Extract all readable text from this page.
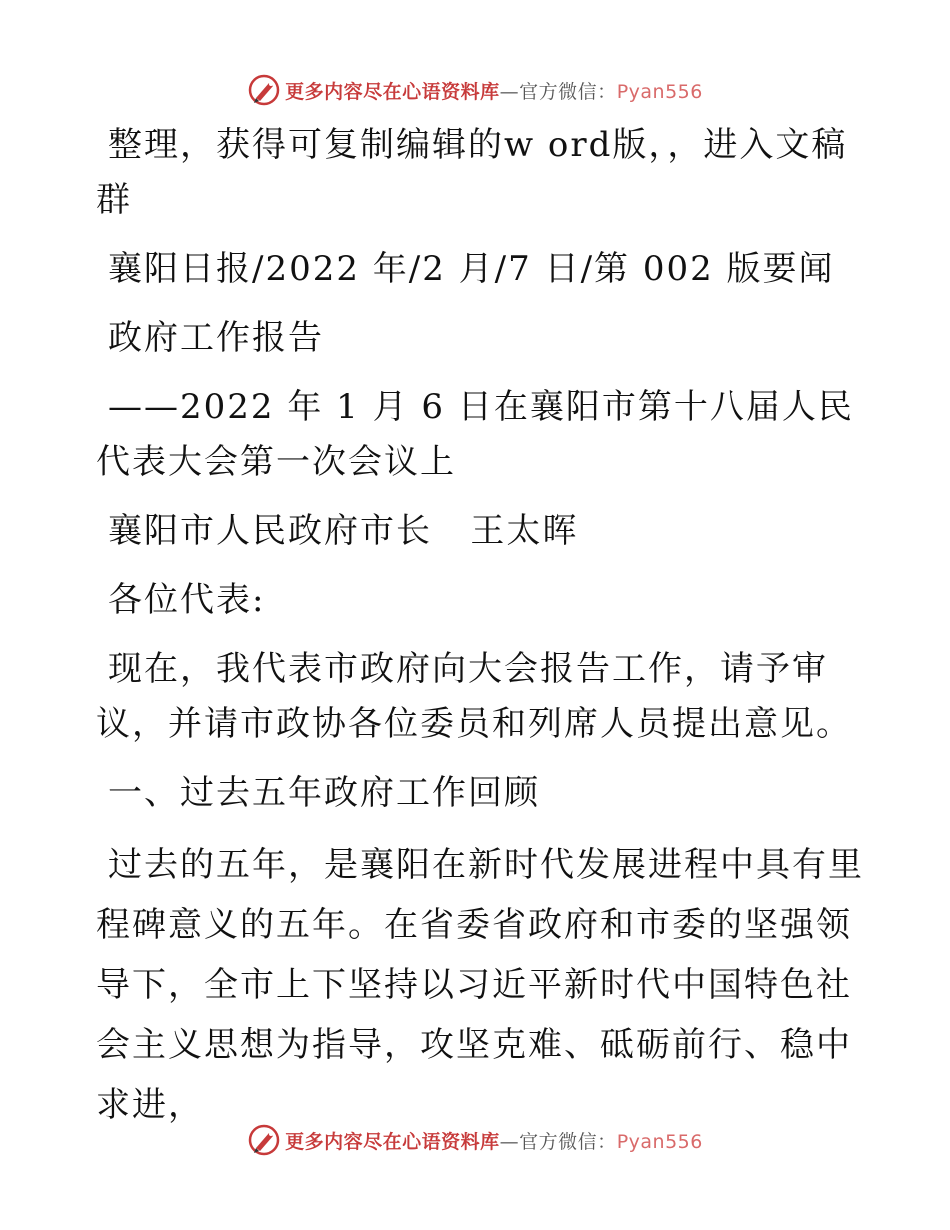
更多内容尽在心语资料库—官方微信：Pyan556

整理，获得可复制编辑的w ord版，，进入文稿群

襄阳日报/2022 年/2 月/7 日/第 002 版要闻

政府工作报告

——2022 年 1 月 6 日在襄阳市第十八届人民代表大会第一次会议上

襄阳市人民政府市长   王太晖

各位代表:

现在，我代表市政府向大会报告工作，请予审议，并请市政协各位委员和列席人员提出意见。

一、过去五年政府工作回顾

过去的五年，是襄阳在新时代发展进程中具有里程碑意义的五年。在省委省政府和市委的坚强领导下，全市上下坚持以习近平新时代中国特色社会主义思想为指导，攻坚克难、砥砺前行、稳中求进，

更多内容尽在心语资料库—官方微信：Pyan556
